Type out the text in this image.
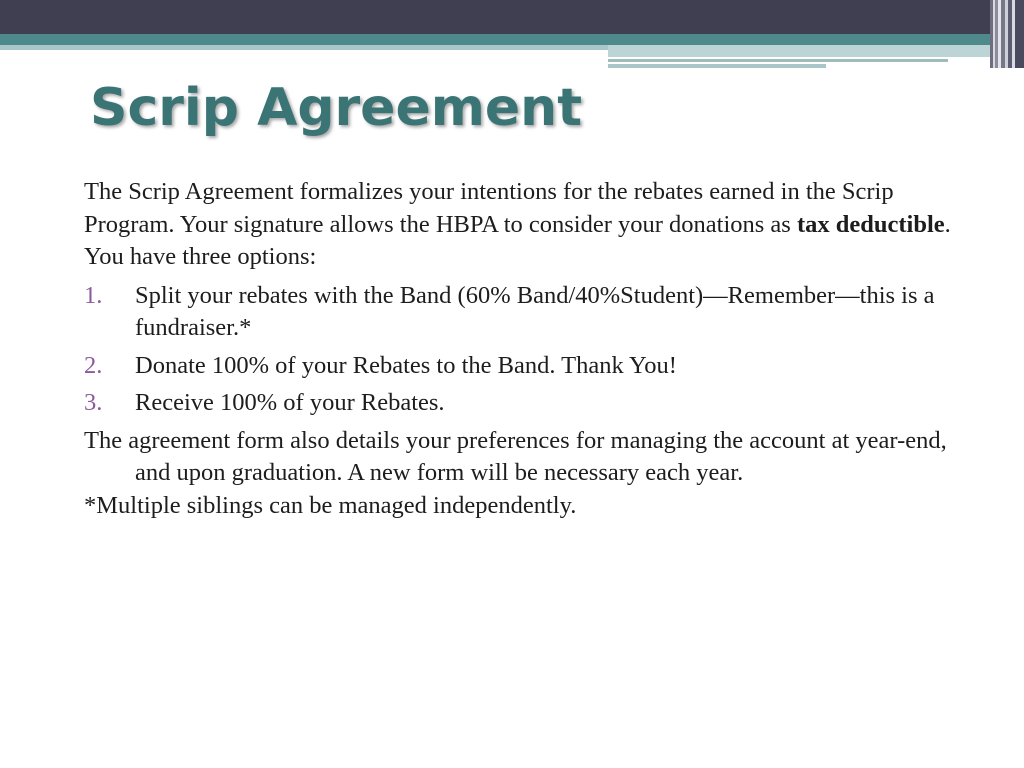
Scrip Agreement

The Scrip Agreement formalizes your intentions for the rebates earned in the Scrip Program. Your signature allows the HBPA to consider your donations as tax deductible. You have three options:

1. Split your rebates with the Band (60% Band/40%Student)—Remember—this is a fundraiser.*
2. Donate 100% of your Rebates to the Band. Thank You!
3. Receive 100% of your Rebates.

The agreement form also details your preferences for managing the account at year-end, and upon graduation. A new form will be necessary each year.

*Multiple siblings can be managed independently.
